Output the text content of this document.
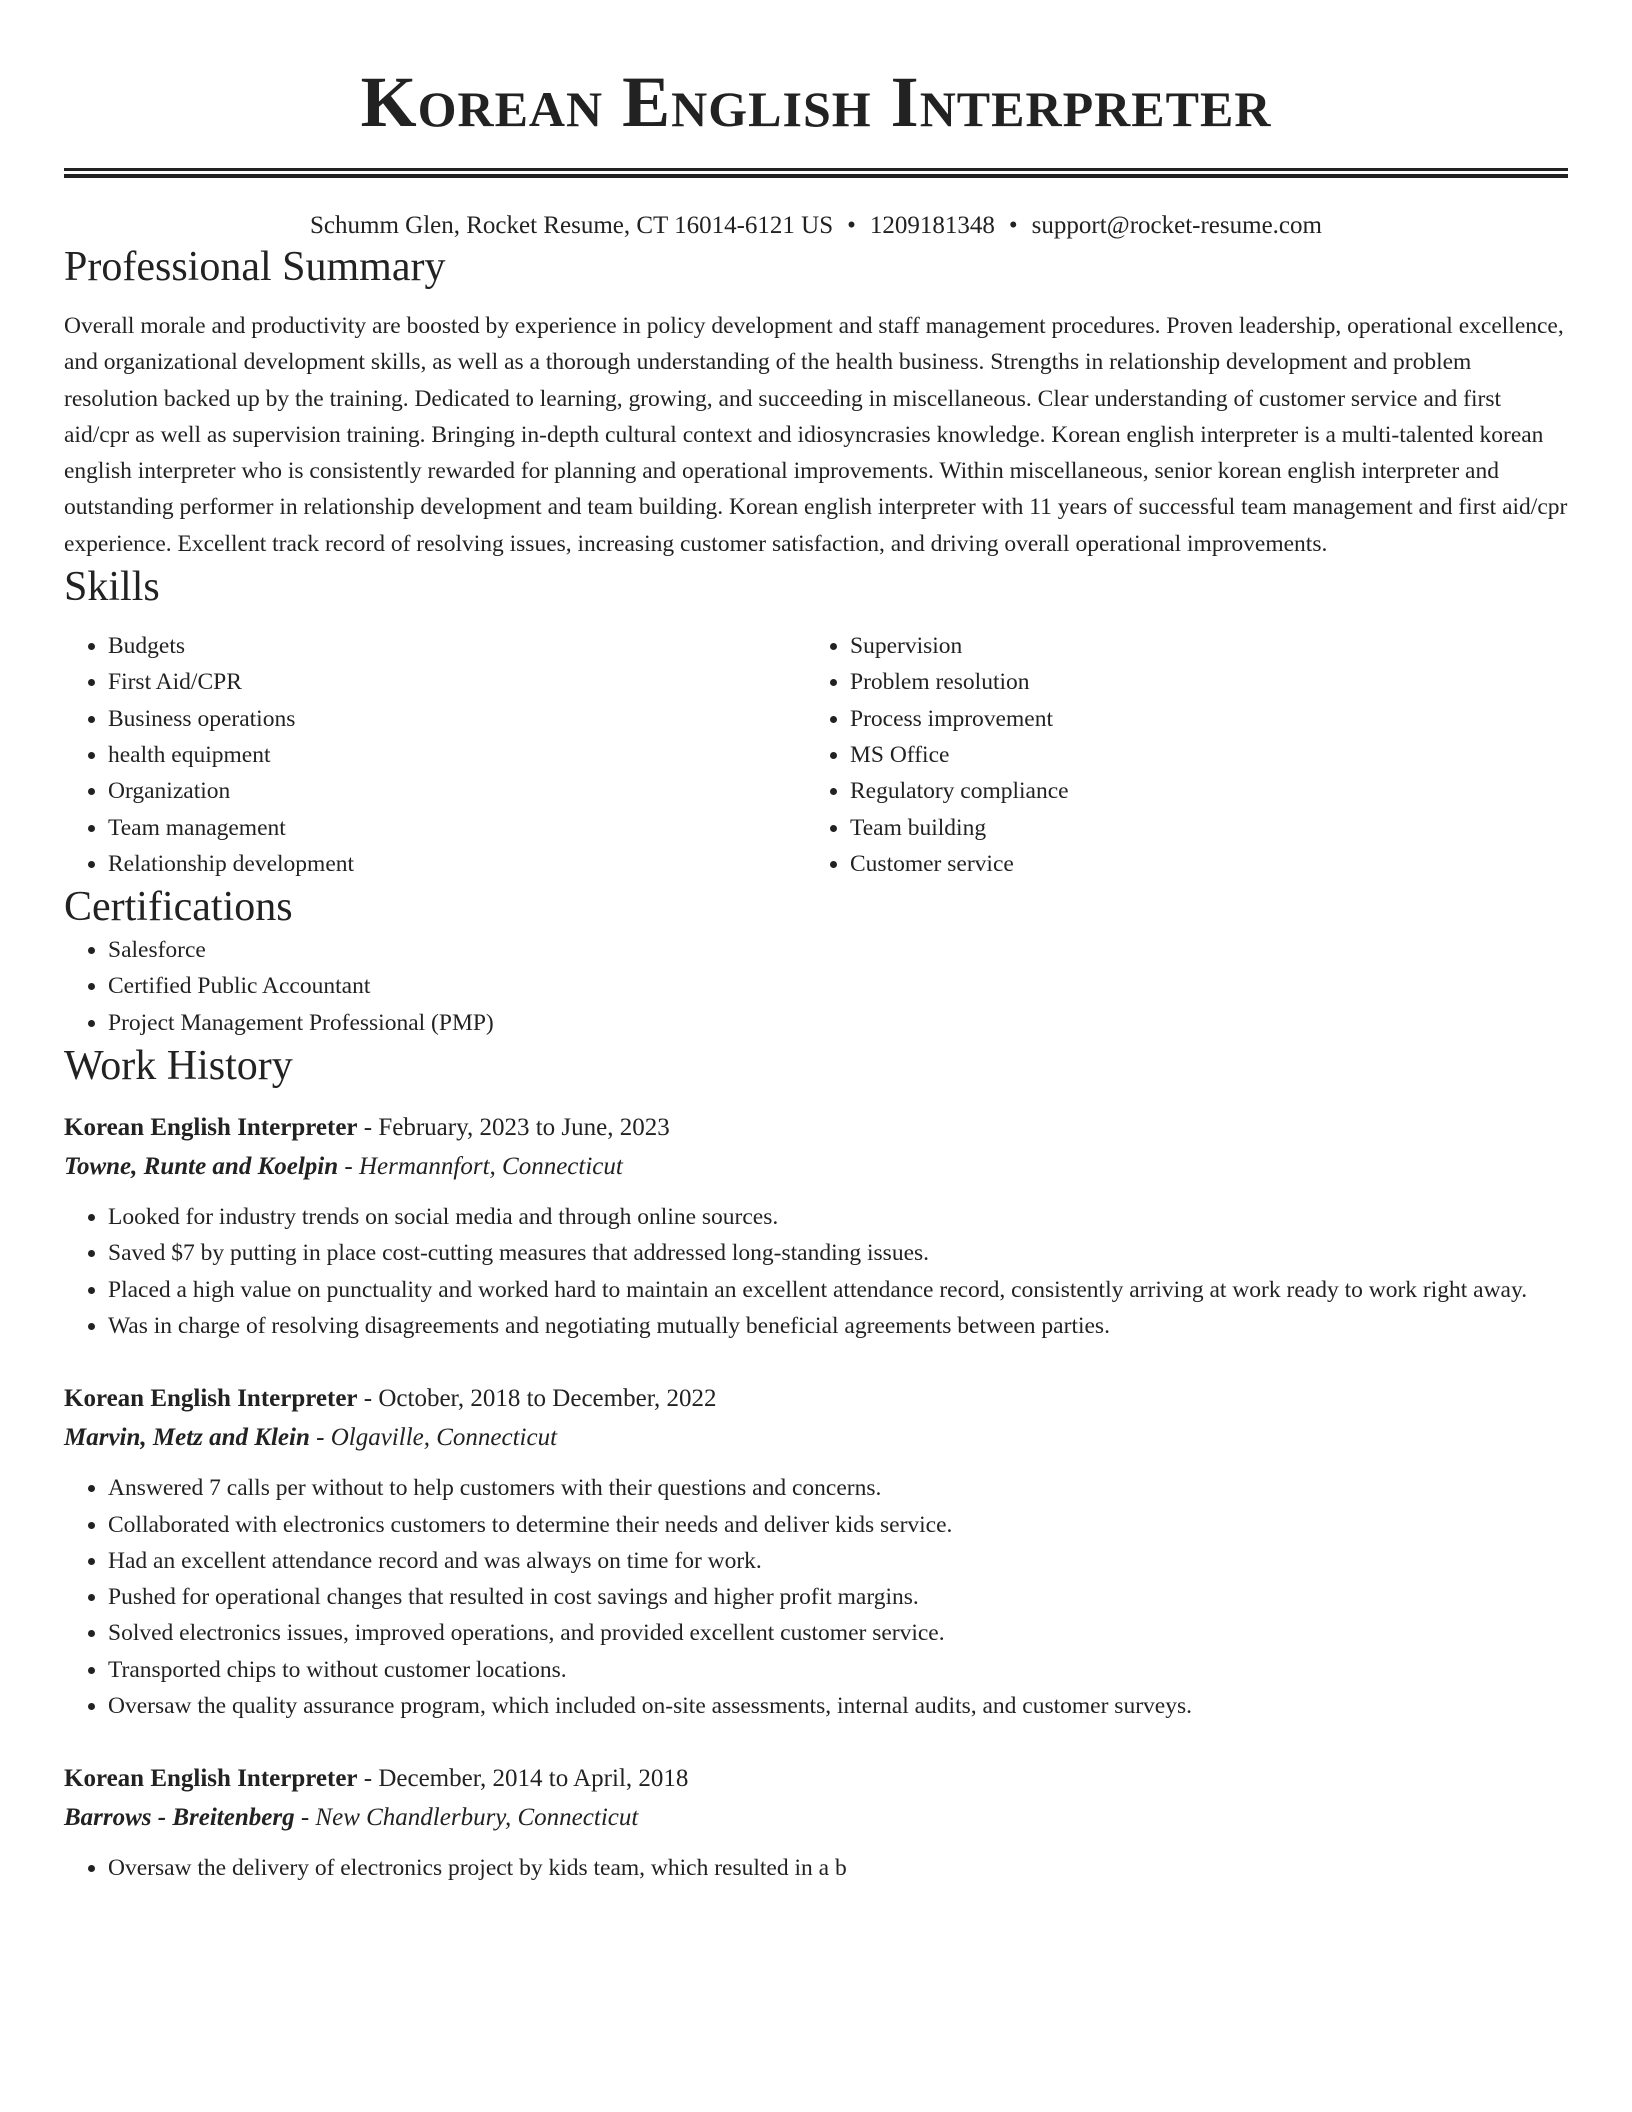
Korean English Interpreter
Schumm Glen, Rocket Resume, CT 16014-6121 US • 1209181348 • support@rocket-resume.com
Professional Summary
Overall morale and productivity are boosted by experience in policy development and staff management procedures. Proven leadership, operational excellence, and organizational development skills, as well as a thorough understanding of the health business. Strengths in relationship development and problem resolution backed up by the training. Dedicated to learning, growing, and succeeding in miscellaneous. Clear understanding of customer service and first aid/cpr as well as supervision training. Bringing in-depth cultural context and idiosyncrasies knowledge. Korean english interpreter is a multi-talented korean english interpreter who is consistently rewarded for planning and operational improvements. Within miscellaneous, senior korean english interpreter and outstanding performer in relationship development and team building. Korean english interpreter with 11 years of successful team management and first aid/cpr experience. Excellent track record of resolving issues, increasing customer satisfaction, and driving overall operational improvements.
Skills
• Budgets
• First Aid/CPR
• Business operations
• health equipment
• Organization
• Team management
• Relationship development
• Supervision
• Problem resolution
• Process improvement
• MS Office
• Regulatory compliance
• Team building
• Customer service
Certifications
• Salesforce
• Certified Public Accountant
• Project Management Professional (PMP)
Work History
Korean English Interpreter - February, 2023 to June, 2023
Towne, Runte and Koelpin - Hermannfort, Connecticut
• Looked for industry trends on social media and through online sources.
• Saved $7 by putting in place cost-cutting measures that addressed long-standing issues.
• Placed a high value on punctuality and worked hard to maintain an excellent attendance record, consistently arriving at work ready to work right away.
• Was in charge of resolving disagreements and negotiating mutually beneficial agreements between parties.
Korean English Interpreter - October, 2018 to December, 2022
Marvin, Metz and Klein - Olgaville, Connecticut
• Answered 7 calls per without to help customers with their questions and concerns.
• Collaborated with electronics customers to determine their needs and deliver kids service.
• Had an excellent attendance record and was always on time for work.
• Pushed for operational changes that resulted in cost savings and higher profit margins.
• Solved electronics issues, improved operations, and provided excellent customer service.
• Transported chips to without customer locations.
• Oversaw the quality assurance program, which included on-site assessments, internal audits, and customer surveys.
Korean English Interpreter - December, 2014 to April, 2018
Barrows - Breitenberg - New Chandlerbury, Connecticut
• Oversaw the delivery of electronics project by kids team, which resulted in a b
